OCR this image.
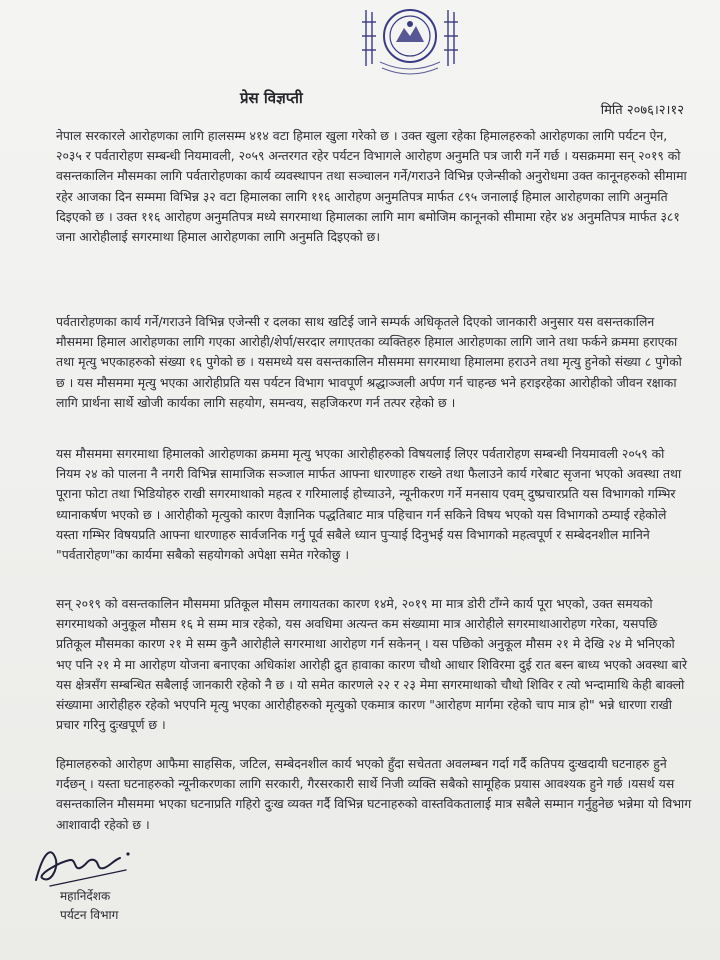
प्रेस विज्ञप्ती
मिति २०७६।२।१२

नेपाल सरकारले आरोहणका लागि हालसम्म ४१४ वटा हिमाल खुला गरेको छ । उक्त खुला रहेका हिमालहरुको आरोहणका लागि पर्यटन ऐन, २०३५ र पर्वतारोहण सम्बन्धी नियमावली, २०५९ अन्तरगत रहेर पर्यटन विभागले आरोहण अनुमति पत्र जारी गर्ने गर्छ । यसक्रममा सन् २०१९ को वसन्तकालिन मौसमका लागि पर्वतारोहणका कार्य व्यवस्थापन तथा सञ्चालन गर्ने/गराउने विभिन्न एजेन्सीको अनुरोधमा उक्त कानूनहरुको सीमामा रहेर आजका दिन सम्ममा विभिन्न ३२ वटा हिमालका लागि ११६ आरोहण अनुमतिपत्र मार्फत ८९५ जनालाई हिमाल आरोहणका लागि अनुमति दिइएको छ । उक्त ११६ आरोहण अनुमतिपत्र मध्ये सगरमाथा हिमालका लागि माग बमोजिम कानूनको सीमामा रहेर ४४ अनुमतिपत्र मार्फत ३८१ जना आरोहीलाई सगरमाथा हिमाल आरोहणका लागि अनुमति दिइएको छ।

पर्वतारोहणका कार्य गर्ने/गराउने विभिन्न एजेन्सी र दलका साथ खटिई जाने सम्पर्क अधिकृतले दिएको जानकारी अनुसार यस वसन्तकालिन मौसममा हिमाल आरोहणका लागि गएका आरोही/शेर्पा/सरदार लगाएतका व्यक्तिहरु हिमाल आरोहणका लागि जाने तथा फर्कने क्रममा हराएका तथा मृत्यु भएकाहरुको संख्या १६ पुगेको छ । यसमध्ये यस वसन्तकालिन मौसममा सगरमाथा हिमालमा हराउने तथा मृत्यु हुनेको संख्या ८ पुगेको छ । यस मौसममा मृत्यु भएका आरोहीप्रति यस पर्यटन विभाग भावपूर्ण श्रद्धाञ्जली अर्पण गर्न चाहन्छ भने हराइरहेका आरोहीको जीवन रक्षाका लागि प्रार्थना सार्थे खोजी कार्यका लागि सहयोग, समन्वय, सहजिकरण गर्न तत्पर रहेको छ ।

यस मौसममा सगरमाथा हिमालको आरोहणका क्रममा मृत्यु भएका आरोहीहरुको विषयलाई लिएर पर्वतारोहण सम्बन्धी नियमावली २०५९ को नियम २४ को पालना नै नगरी विभिन्न सामाजिक सञ्जाल मार्फत आफ्ना धारणाहरु राख्ने तथा फैलाउने कार्य गरेबाट सृजना भएको अवस्था तथा पूराना फोटा तथा भिडियोहरु राखी सगरमाथाको महत्व र गरिमालाई होच्याउने, न्यूनीकरण गर्ने मनसाय एवम् दुष्प्रचारप्रति यस विभागको गम्भिर ध्यानाकर्षण भएको छ । आरोहीको मृत्युको कारण वैज्ञानिक पद्धतिबाट मात्र पहिचान गर्न सकिने विषय भएको यस विभागको ठम्याई रहेकोले यस्ता गम्भिर विषयप्रति आफ्ना धारणाहरु सार्वजनिक गर्नु पूर्व सबैले ध्यान पुऱ्याई दिनुभई यस विभागको महत्वपूर्ण र सम्बेदनशील मानिने "पर्वतारोहण"का कार्यमा सबैको सहयोगको अपेक्षा समेत गरेकोछु ।

सन् २०१९ को वसन्तकालिन मौसममा प्रतिकूल मौसम लगायतका कारण १४मे, २०१९ मा मात्र डोरी टाँग्ने कार्य पूरा भएको, उक्त समयको सगरमाथको अनुकूल मौसम १६ मे सम्म मात्र रहेको, यस अवधिमा अत्यन्त कम संख्यामा मात्र आरोहीले सगरमाथाआरोहण गरेका, यसपछि प्रतिकूल मौसमका कारण २१ मे सम्म कुनै आरोहीले सगरमाथा आरोहण गर्न सकेनन् । यस पछिको अनुकूल मौसम २१ मे देखि २४ मे भनिएको भए पनि २१ मे मा आरोहण योजना बनाएका अधिकांश आरोही द्रुत हावाका कारण चौथो आधार शिविरमा दुई रात बस्न बाध्य भएको अवस्था बारे यस क्षेत्रसँग सम्बन्धित सबैलाई जानकारी रहेको नै छ । यो समेत कारणले २२ र २३ मेमा सगरमाथाको चौथो शिविर र त्यो भन्दामाथि केही बाक्लो संख्यामा आरोहीहरु रहेको भएपनि मृत्यु भएका आरोहीहरुको मृत्युको एकमात्र कारण "आरोहण मार्गमा रहेको चाप मात्र हो" भन्ने धारणा राखी प्रचार गरिनु दुःखपूर्ण छ ।

हिमालहरुको आरोहण आफैमा साहसिक, जटिल, सम्बेदनशील कार्य भएको हुँदा सचेतता अवलम्बन गर्दा गर्दै कतिपय दुःखदायी घटनाहरु हुने गर्दछन् । यस्ता घटनाहरुको न्यूनीकरणका लागि सरकारी, गैरसरकारी सार्थे निजी व्यक्ति सबैको सामूहिक प्रयास आवश्यक हुने गर्छ ।यसर्थ यस वसन्तकालिन मौसममा भएका घटनाप्रति गहिरो दुःख व्यक्त गर्दै विभिन्न घटनाहरुको वास्तविकतालाई मात्र सबैले सम्मान गर्नुहुनेछ भन्नेमा यो विभाग आशावादी रहेको छ ।

महानिर्देशक
पर्यटन विभाग
